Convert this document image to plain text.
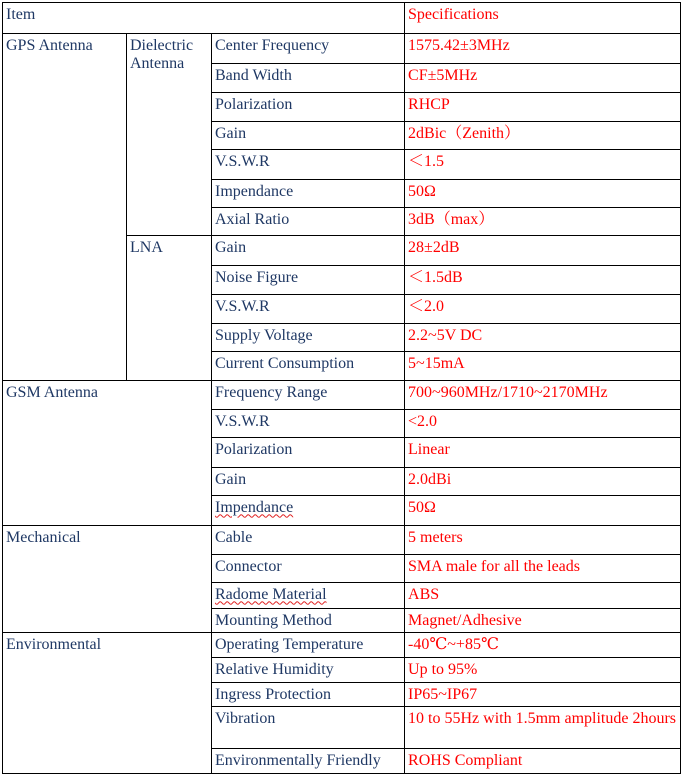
Item			Specifications
GPS Antenna	Dielectric Antenna	Center Frequency	1575.42±3MHz
		Band Width	CF±5MHz
		Polarization	RHCP
		Gain	2dBic（Zenith）
		V.S.W.R	＜1.5
		Impendance	50Ω
		Axial Ratio	3dB（max）
	LNA	Gain	28±2dB
		Noise Figure	＜1.5dB
		V.S.W.R	＜2.0
		Supply Voltage	2.2~5V DC
		Current Consumption	5~15mA
GSM Antenna		Frequency Range	700~960MHz/1710~2170MHz
		V.S.W.R	<2.0
		Polarization	Linear
		Gain	2.0dBi
		Impendance	50Ω
Mechanical		Cable	5 meters
		Connector	SMA male for all the leads
		Radome Material	ABS
		Mounting Method	Magnet/Adhesive
Environmental		Operating Temperature	-40℃~+85℃
		Relative Humidity	Up to 95%
		Ingress Protection	IP65~IP67
		Vibration	10 to 55Hz with 1.5mm amplitude 2hours
		Environmentally Friendly	ROHS Compliant
